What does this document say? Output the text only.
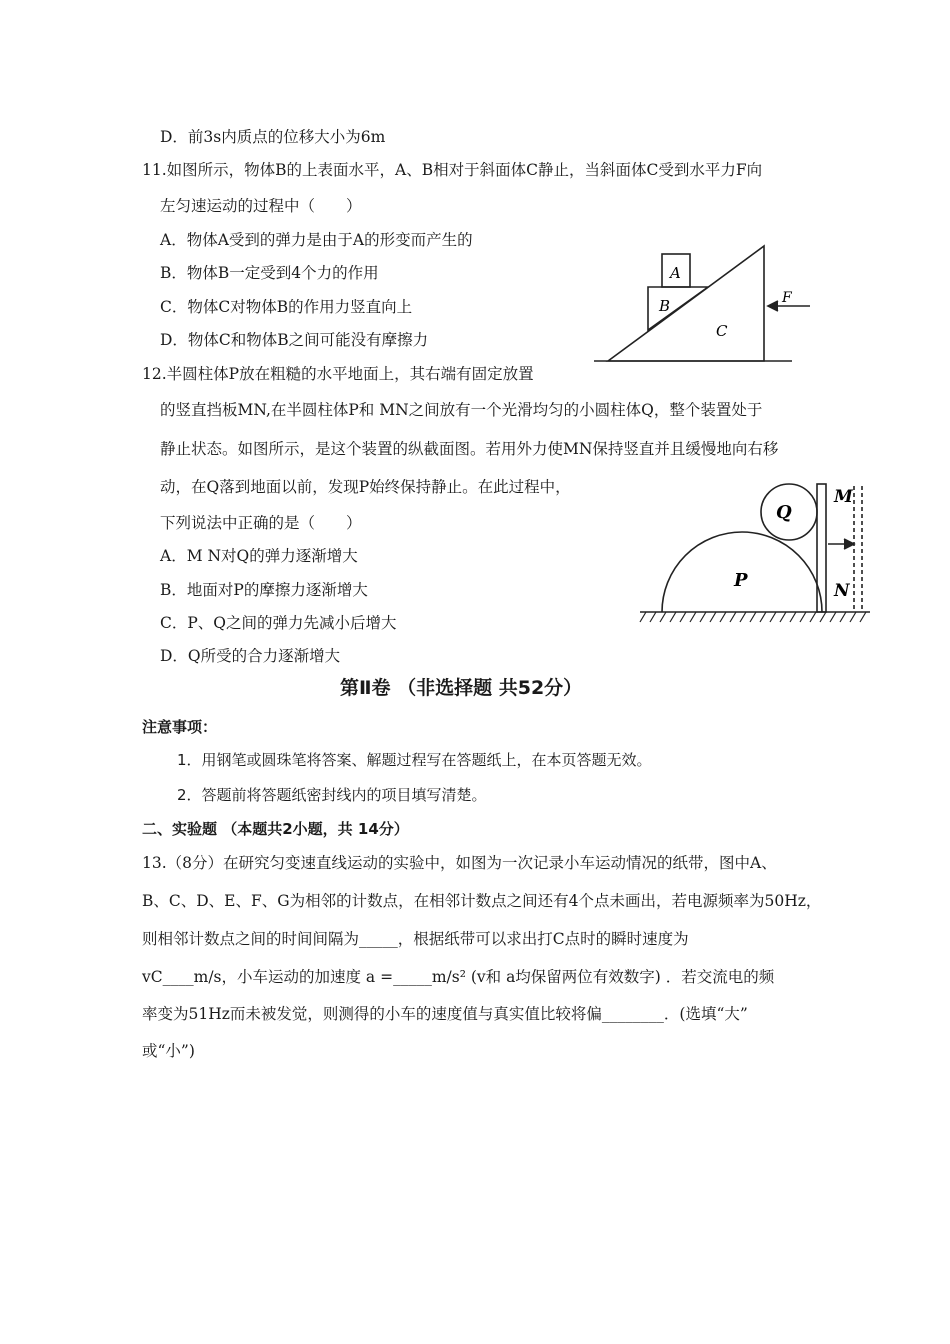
D．前3s内质点的位移大小为6m
11.如图所示，物体B的上表面水平，A、B相对于斜面体C静止，当斜面体C受到水平力F向
左匀速运动的过程中（　　）
A．物体A受到的弹力是由于A的形变而产生的
B．物体B一定受到4个力的作用
C．物体C对物体B的作用力竖直向上
D．物体C和物体B之间可能没有摩擦力
A
B
C
F
12.半圆柱体P放在粗糙的水平地面上，其右端有固定放置
的竖直挡板MN,在半圆柱体P和 MN之间放有一个光滑均匀的小圆柱体Q，整个装置处于
静止状态。如图所示，是这个装置的纵截面图。若用外力使MN保持竖直并且缓慢地向右移
动，在Q落到地面以前，发现P始终保持静止。在此过程中，
下列说法中正确的是（　　）
A．M N对Q的弹力逐渐增大
B．地面对P的摩擦力逐渐增大
C．P、Q之间的弹力先减小后增大
D．Q所受的合力逐渐增大
P
Q
M
N
第Ⅱ卷 （非选择题 共52分）
注意事项：
1．用钢笔或圆珠笔将答案、解题过程写在答题纸上，在本页答题无效。
2．答题前将答题纸密封线内的项目填写清楚。
二、实验题 （本题共2小题，共 14分）
13.（8分）在研究匀变速直线运动的实验中，如图为一次记录小车运动情况的纸带，图中A、
B、C、D、E、F、G为相邻的计数点，在相邻计数点之间还有4个点未画出，若电源频率为50Hz，
则相邻计数点之间的时间间隔为_____，根据纸带可以求出打C点时的瞬时速度为
vC____m/s，小车运动的加速度 a =_____m/s² (v和 a均保留两位有效数字) ．若交流电的频
率变为51Hz而未被发觉，则测得的小车的速度值与真实值比较将偏________．(选填“大”
或“小”)
